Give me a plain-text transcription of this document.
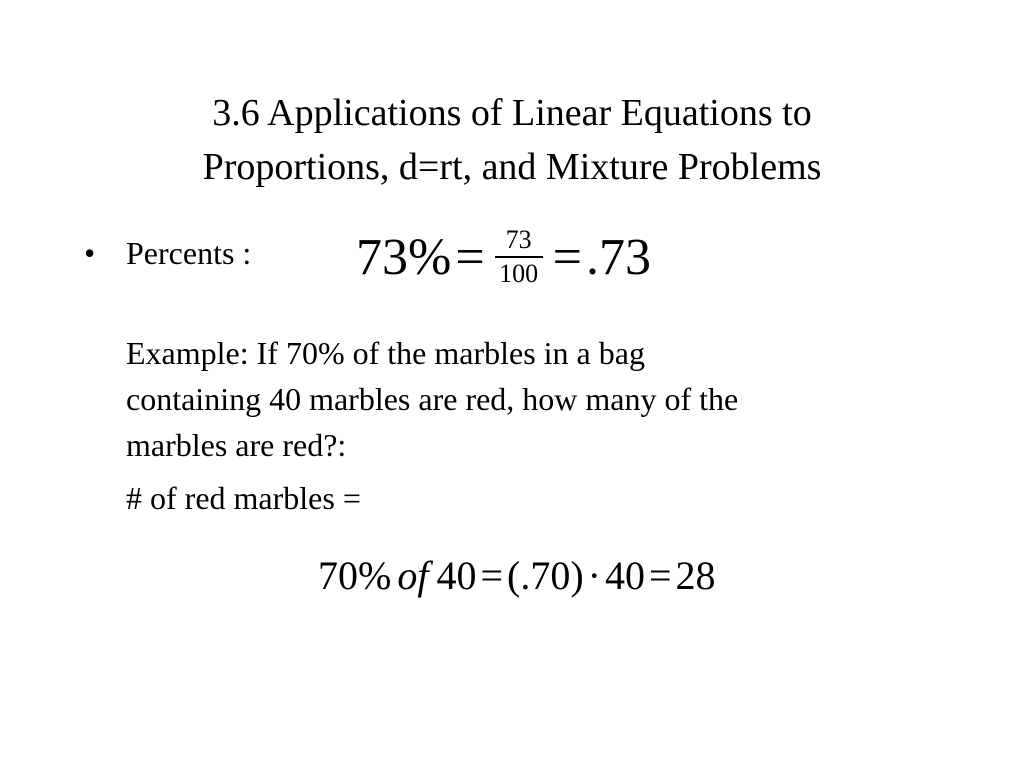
3.6 Applications of Linear Equations to
Proportions, d=rt, and Mixture Problems
• Percents : $73\% = \frac{73}{100} = .73$
Example: If 70% of the marbles in a bag
containing 40 marbles are red, how many of the
marbles are red?:
# of red marbles =
70% of 40 = (.70) · 40 = 28
